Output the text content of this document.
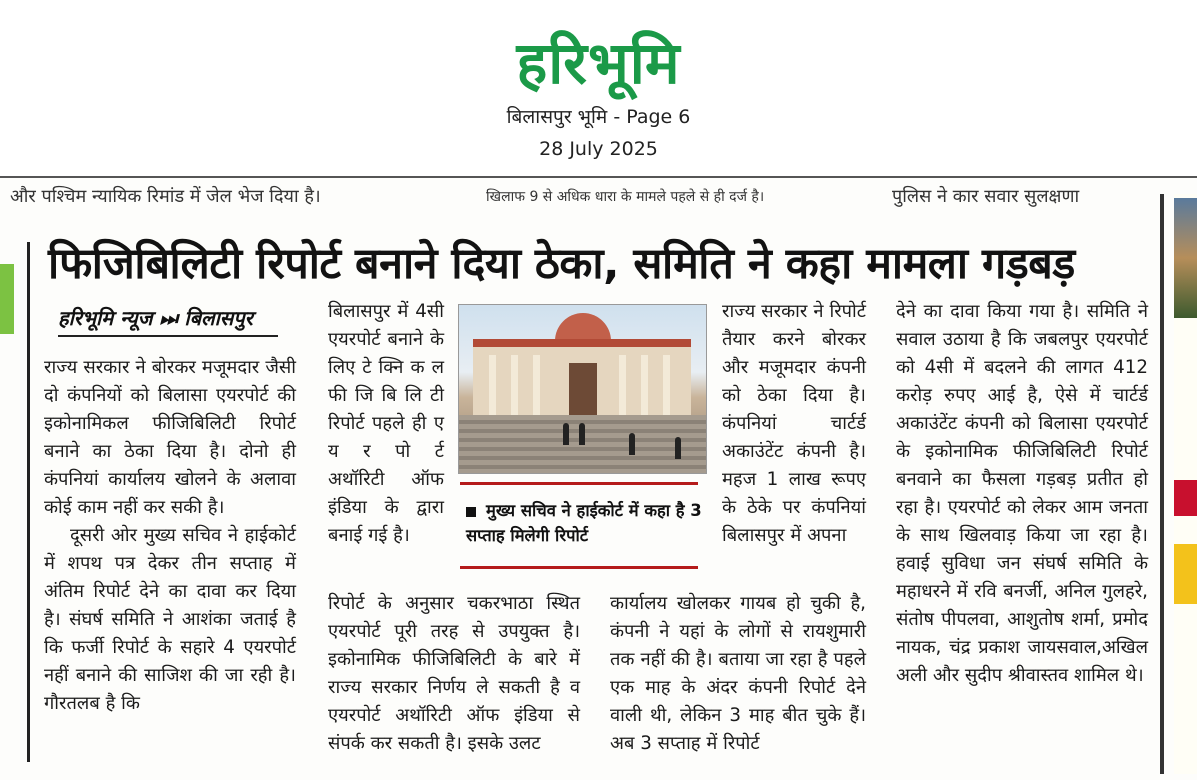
हरिभूमि
बिलासपुर भूमि - Page 6
28 July 2025
और पश्चिम न्यायिक रिमांड में जेल भेज दिया है।	खिलाफ 9 से अधिक धारा के मामले पहले से ही दर्ज है।	पुलिस ने कार सवार सुलक्षणा
फिजिबिलिटी रिपोर्ट बनाने दिया ठेका, समिति ने कहा मामला गड़बड़
हरिभूमि न्यूज ⏭ बिलासपुर

राज्य सरकार ने बोरकर मजूमदार जैसी दो कंपनियों को बिलासा एयरपोर्ट की इकोनामिकल फीजिबिलिटी रिपोर्ट बनाने का ठेका दिया है। दोनो ही कंपनियां कार्यालय खोलने के अलावा कोई काम नहीं कर सकी है।

दूसरी ओर मुख्य सचिव ने हाईकोर्ट में शपथ पत्र देकर तीन सप्ताह में अंतिम रिपोर्ट देने का दावा कर दिया है। संघर्ष समिति ने आशंका जताई है कि फर्जी रिपोर्ट के सहारे 4 एयरपोर्ट नहीं बनाने की साजिश की जा रही है। गौरतलब है कि

बिलासपुर में 4सी एयरपोर्ट बनाने के लिए टे क्नि क ल फी जि बि लि टी रिपोर्ट पहले ही ए य र पो र्ट अथॉरिटी ऑफ इंडिया के द्वारा बनाई गई है।
रिपोर्ट के अनुसार चकरभाठा स्थित एयरपोर्ट पूरी तरह से उपयुक्त है। इकोनामिक फीजिबिलिटी के बारे में राज्य सरकार निर्णय ले सकती है व एयरपोर्ट अथॉरिटी ऑफ इंडिया से संपर्क कर सकती है। इसके उलट
मुख्य सचिव ने हाईकोर्ट में कहा है 3 सप्ताह मिलेगी रिपोर्ट
राज्य सरकार ने रिपोर्ट तैयार करने बोरकर और मजूमदार कंपनी को ठेका दिया है। कंपनियां चार्टर्ड अकाउंटेंट कंपनी है। महज 1 लाख रूपए के ठेके पर कंपनियां बिलासपुर में अपना
कार्यालय खोलकर गायब हो चुकी है, कंपनी ने यहां के लोगों से रायशुमारी तक नहीं की है। बताया जा रहा है पहले एक माह के अंदर कंपनी रिपोर्ट देने वाली थी, लेकिन 3 माह बीत चुके हैं। अब 3 सप्ताह में रिपोर्ट
देने का दावा किया गया है। समिति ने सवाल उठाया है कि जबलपुर एयरपोर्ट को 4सी में बदलने की लागत 412 करोड़ रुपए आई है, ऐसे में चार्टर्ड अकाउंटेंट कंपनी को बिलासा एयरपोर्ट के इकोनामिक फीजिबिलिटी रिपोर्ट बनवाने का फैसला गड़बड़ प्रतीत हो रहा है। एयरपोर्ट को लेकर आम जनता के साथ खिलवाड़ किया जा रहा है। हवाई सुविधा जन संघर्ष समिति के महाधरने में रवि बनर्जी, अनिल गुलहरे, संतोष पीपलवा, आशुतोष शर्मा, प्रमोद नायक, चंद्र प्रकाश जायसवाल,अखिल अली और सुदीप श्रीवास्तव शामिल थे।
